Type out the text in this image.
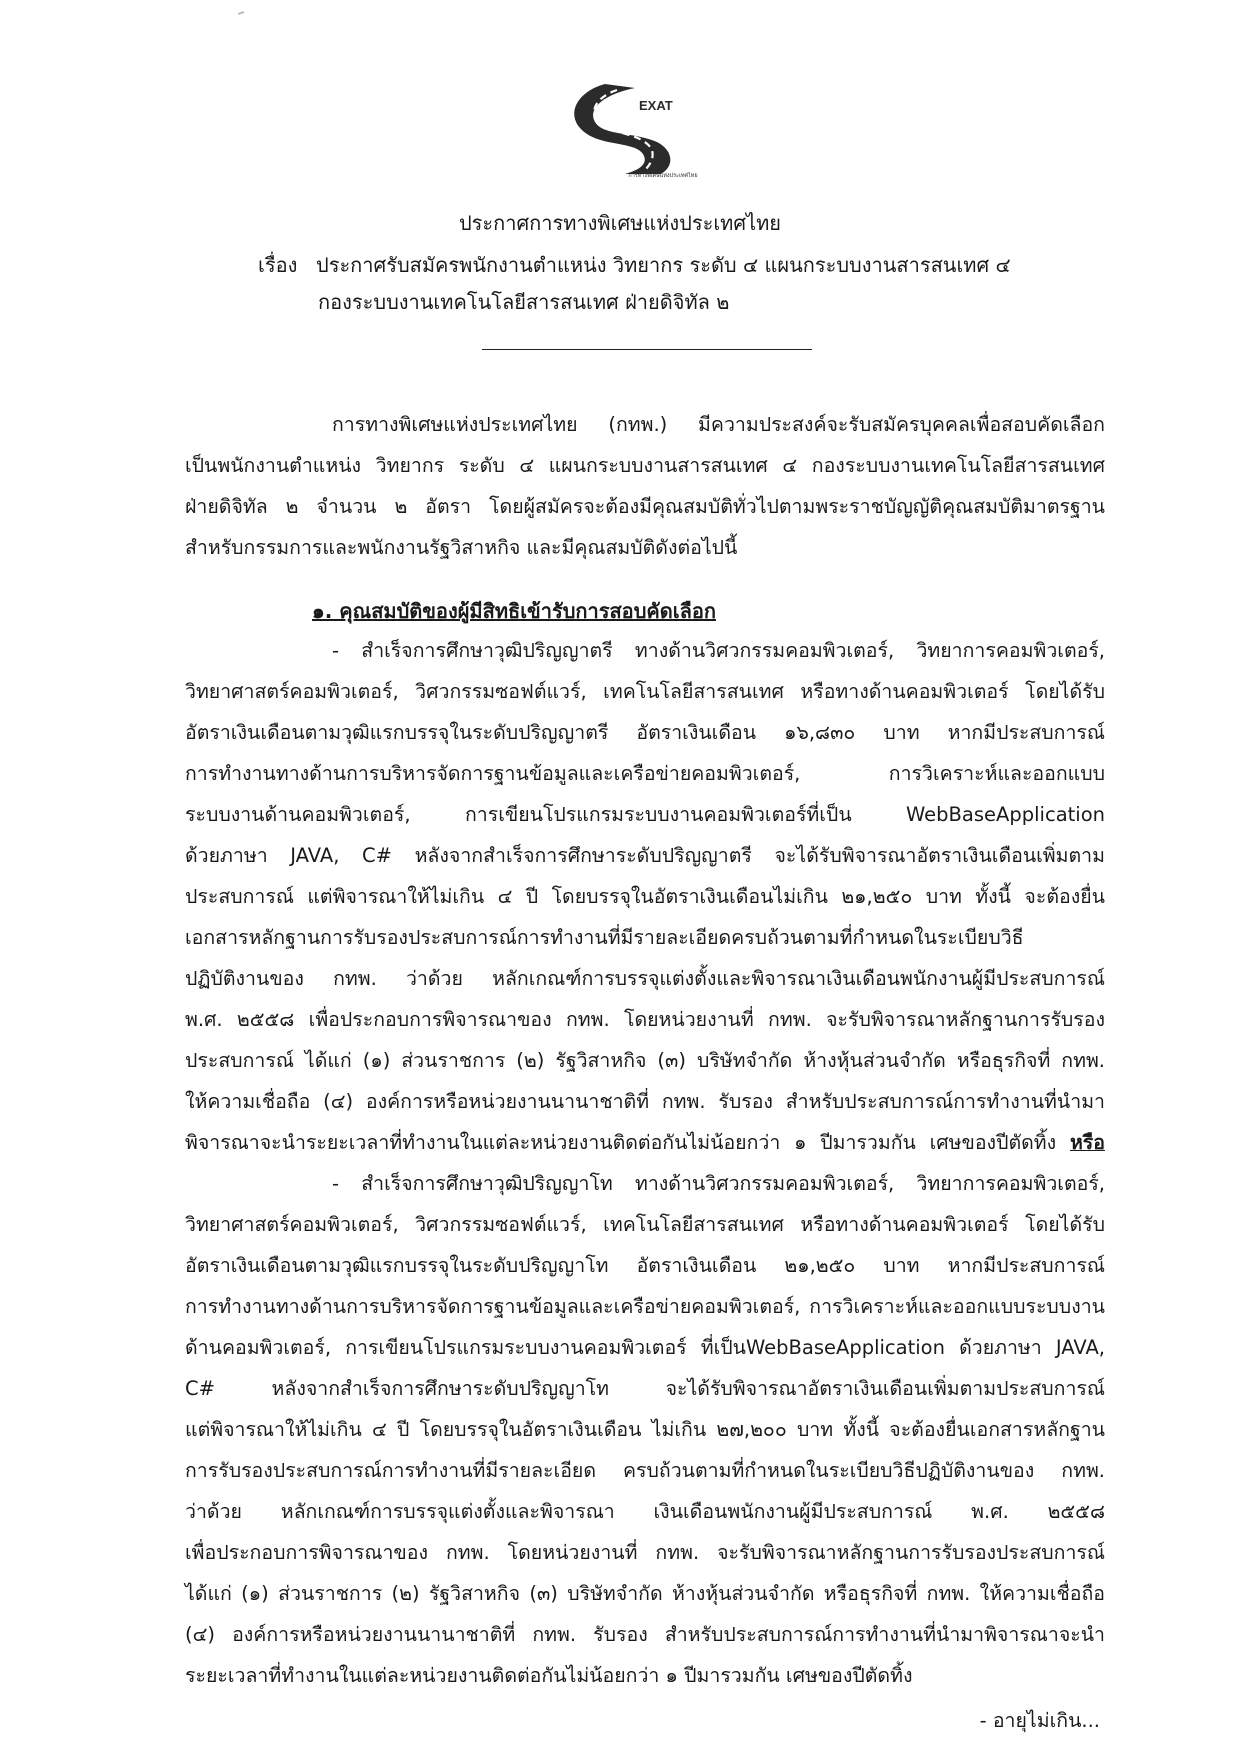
EXAT
การทางพิเศษแห่งประเทศไทย
ประกาศการทางพิเศษแห่งประเทศไทย
เรื่อง ประกาศรับสมัครพนักงานตำแหน่ง วิทยากร ระดับ ๔ แผนกระบบงานสารสนเทศ ๔
กองระบบงานเทคโนโลยีสารสนเทศ ฝ่ายดิจิทัล ๒
การทางพิเศษแห่งประเทศไทย (กทพ.) มีความประสงค์จะรับสมัครบุคคลเพื่อสอบคัดเลือก
เป็นพนักงานตำแหน่ง วิทยากร ระดับ ๔ แผนกระบบงานสารสนเทศ ๔ กองระบบงานเทคโนโลยีสารสนเทศ
ฝ่ายดิจิทัล ๒ จำนวน ๒ อัตรา โดยผู้สมัครจะต้องมีคุณสมบัติทั่วไปตามพระราชบัญญัติคุณสมบัติมาตรฐาน
สำหรับกรรมการและพนักงานรัฐวิสาหกิจ และมีคุณสมบัติดังต่อไปนี้
๑. คุณสมบัติของผู้มีสิทธิเข้ารับการสอบคัดเลือก
- สำเร็จการศึกษาวุฒิปริญญาตรี ทางด้านวิศวกรรมคอมพิวเตอร์, วิทยาการคอมพิวเตอร์,
วิทยาศาสตร์คอมพิวเตอร์, วิศวกรรมซอฟต์แวร์, เทคโนโลยีสารสนเทศ หรือทางด้านคอมพิวเตอร์ โดยได้รับ
อัตราเงินเดือนตามวุฒิแรกบรรจุในระดับปริญญาตรี อัตราเงินเดือน ๑๖,๘๓๐ บาท หากมีประสบการณ์
การทำงานทางด้านการบริหารจัดการฐานข้อมูลและเครือข่ายคอมพิวเตอร์, การวิเคราะห์และออกแบบ
ระบบงานด้านคอมพิวเตอร์, การเขียนโปรแกรมระบบงานคอมพิวเตอร์ที่เป็น WebBaseApplication
ด้วยภาษา JAVA, C# หลังจากสำเร็จการศึกษาระดับปริญญาตรี จะได้รับพิจารณาอัตราเงินเดือนเพิ่มตาม
ประสบการณ์ แต่พิจารณาให้ไม่เกิน ๔ ปี โดยบรรจุในอัตราเงินเดือนไม่เกิน ๒๑,๒๕๐ บาท ทั้งนี้ จะต้องยื่น
เอกสารหลักฐานการรับรองประสบการณ์การทำงานที่มีรายละเอียดครบถ้วนตามที่กำหนดในระเบียบวิธี
ปฏิบัติงานของ กทพ. ว่าด้วย หลักเกณฑ์การบรรจุแต่งตั้งและพิจารณาเงินเดือนพนักงานผู้มีประสบการณ์
พ.ศ. ๒๕๕๘ เพื่อประกอบการพิจารณาของ กทพ. โดยหน่วยงานที่ กทพ. จะรับพิจารณาหลักฐานการรับรอง
ประสบการณ์ ได้แก่ (๑) ส่วนราชการ (๒) รัฐวิสาหกิจ (๓) บริษัทจำกัด ห้างหุ้นส่วนจำกัด หรือธุรกิจที่ กทพ.
ให้ความเชื่อถือ (๔) องค์การหรือหน่วยงานนานาชาติที่ กทพ. รับรอง สำหรับประสบการณ์การทำงานที่นำมา
พิจารณาจะนำระยะเวลาที่ทำงานในแต่ละหน่วยงานติดต่อกันไม่น้อยกว่า ๑ ปีมารวมกัน เศษของปีตัดทิ้ง หรือ
- สำเร็จการศึกษาวุฒิปริญญาโท ทางด้านวิศวกรรมคอมพิวเตอร์, วิทยาการคอมพิวเตอร์,
วิทยาศาสตร์คอมพิวเตอร์, วิศวกรรมซอฟต์แวร์, เทคโนโลยีสารสนเทศ หรือทางด้านคอมพิวเตอร์ โดยได้รับ
อัตราเงินเดือนตามวุฒิแรกบรรจุในระดับปริญญาโท อัตราเงินเดือน ๒๑,๒๕๐ บาท หากมีประสบการณ์
การทำงานทางด้านการบริหารจัดการฐานข้อมูลและเครือข่ายคอมพิวเตอร์, การวิเคราะห์และออกแบบระบบงาน
ด้านคอมพิวเตอร์, การเขียนโปรแกรมระบบงานคอมพิวเตอร์ ที่เป็นWebBaseApplication ด้วยภาษา JAVA,
C# หลังจากสำเร็จการศึกษาระดับปริญญาโท จะได้รับพิจารณาอัตราเงินเดือนเพิ่มตามประสบการณ์
แต่พิจารณาให้ไม่เกิน ๔ ปี โดยบรรจุในอัตราเงินเดือน ไม่เกิน ๒๗,๒๐๐ บาท ทั้งนี้ จะต้องยื่นเอกสารหลักฐาน
การรับรองประสบการณ์การทำงานที่มีรายละเอียด ครบถ้วนตามที่กำหนดในระเบียบวิธีปฏิบัติงานของ กทพ.
ว่าด้วย หลักเกณฑ์การบรรจุแต่งตั้งและพิจารณา เงินเดือนพนักงานผู้มีประสบการณ์ พ.ศ. ๒๕๕๘
เพื่อประกอบการพิจารณาของ กทพ. โดยหน่วยงานที่ กทพ. จะรับพิจารณาหลักฐานการรับรองประสบการณ์
ได้แก่ (๑) ส่วนราชการ (๒) รัฐวิสาหกิจ (๓) บริษัทจำกัด ห้างหุ้นส่วนจำกัด หรือธุรกิจที่ กทพ. ให้ความเชื่อถือ
(๔) องค์การหรือหน่วยงานนานาชาติที่ กทพ. รับรอง สำหรับประสบการณ์การทำงานที่นำมาพิจารณาจะนำ
ระยะเวลาที่ทำงานในแต่ละหน่วยงานติดต่อกันไม่น้อยกว่า ๑ ปีมารวมกัน เศษของปีตัดทิ้ง
- อายุไม่เกิน...
